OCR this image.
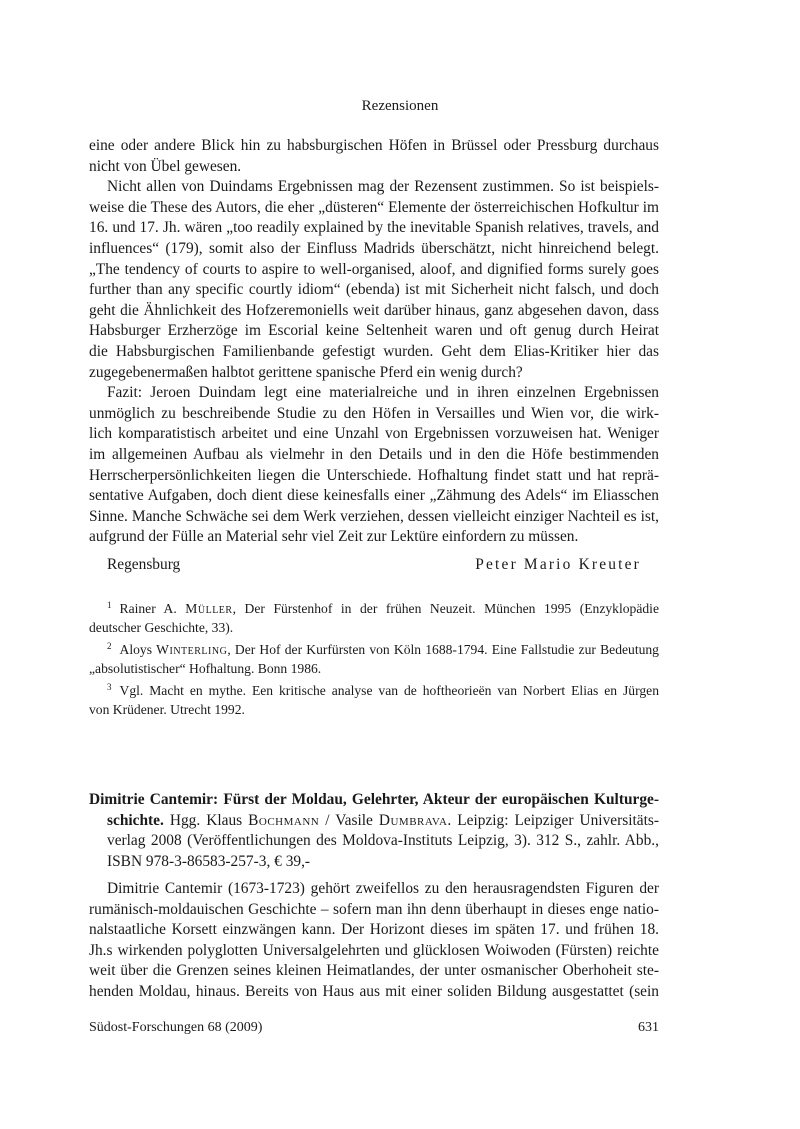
Rezensionen

eine oder andere Blick hin zu habsburgischen Höfen in Brüssel oder Pressburg durchaus
nicht von Übel gewesen.

Nicht allen von Duindams Ergebnissen mag der Rezensent zustimmen. So ist beispiels-
weise die These des Autors, die eher „düsteren“ Elemente der österreichischen Hofkultur im
16. und 17. Jh. wären „too readily explained by the inevitable Spanish relatives, travels, and
influences“ (179), somit also der Einfluss Madrids überschätzt, nicht hinreichend belegt.
„The tendency of courts to aspire to well-organised, aloof, and dignified forms surely goes
further than any specific courtly idiom“ (ebenda) ist mit Sicherheit nicht falsch, und doch
geht die Ähnlichkeit des Hofzeremoniells weit darüber hinaus, ganz abgesehen davon, dass
Habsburger Erzherzöge im Escorial keine Seltenheit waren und oft genug durch Heirat
die Habsburgischen Familienbande gefestigt wurden. Geht dem Elias-Kritiker hier das
zugegebenermaßen halbtot gerittene spanische Pferd ein wenig durch?

Fazit: Jeroen Duindam legt eine materialreiche und in ihren einzelnen Ergebnissen
unmöglich zu beschreibende Studie zu den Höfen in Versailles und Wien vor, die wirk-
lich komparatistisch arbeitet und eine Unzahl von Ergebnissen vorzuweisen hat. Weniger
im allgemeinen Aufbau als vielmehr in den Details und in den die Höfe bestimmenden
Herrscherpersönlichkeiten liegen die Unterschiede. Hofhaltung findet statt und hat reprä-
sentative Aufgaben, doch dient diese keinesfalls einer „Zähmung des Adels“ im Eliasschen
Sinne. Manche Schwäche sei dem Werk verziehen, dessen vielleicht einziger Nachteil es ist,
aufgrund der Fülle an Material sehr viel Zeit zur Lektüre einfordern zu müssen.

Regensburg	Peter Mario Kreuter

$^1$ Rainer A. Müller, Der Fürstenhof in der frühen Neuzeit. München 1995 (Enzyklopädie
deutscher Geschichte, 33).

$^2$ Aloys Winterling, Der Hof der Kurfürsten von Köln 1688-1794. Eine Fallstudie zur Bedeutung
„absolutistischer“ Hofhaltung. Bonn 1986.

$^3$ Vgl. Macht en mythe. Een kritische analyse van de hoftheorieën van Norbert Elias en Jürgen
von Krüdener. Utrecht 1992.

Dimitrie Cantemir: Fürst der Moldau, Gelehrter, Akteur der europäischen Kulturge-
schichte. Hgg. Klaus Bochmann / Vasile Dumbrava. Leipzig: Leipziger Universitäts-
verlag 2008 (Veröffentlichungen des Moldova-Instituts Leipzig, 3). 312 S., zahlr. Abb.,
ISBN 978-3-86583-257-3, € 39,-

Dimitrie Cantemir (1673-1723) gehört zweifellos zu den herausragendsten Figuren der
rumänisch-moldauischen Geschichte – sofern man ihn denn überhaupt in dieses enge natio-
nalstaatliche Korsett einzwängen kann. Der Horizont dieses im späten 17. und frühen 18.
Jh.s wirkenden polyglotten Universalgelehrten und glücklosen Woiwoden (Fürsten) reichte
weit über die Grenzen seines kleinen Heimatlandes, der unter osmanischer Oberhoheit ste-
henden Moldau, hinaus. Bereits von Haus aus mit einer soliden Bildung ausgestattet (sein

Südost-Forschungen 68 (2009)	631
